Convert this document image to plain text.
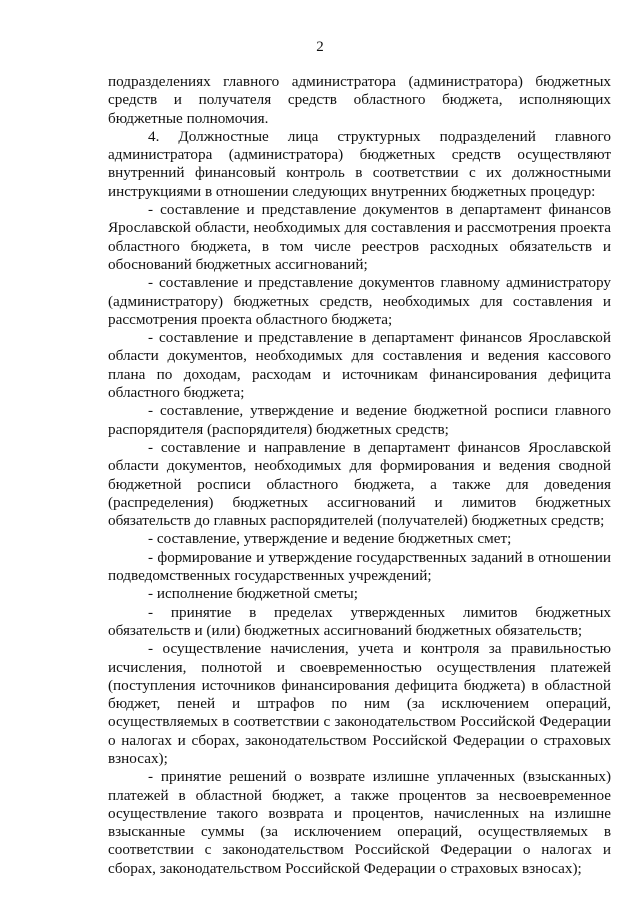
2

подразделениях главного администратора (администратора) бюджетных средств и получателя средств областного бюджета, исполняющих бюджетные полномочия.

4. Должностные лица структурных подразделений главного администратора (администратора) бюджетных средств осуществляют внутренний финансовый контроль в соответствии с их должностными инструкциями в отношении следующих внутренних бюджетных процедур:

- составление и представление документов в департамент финансов Ярославской области, необходимых для составления и рассмотрения проекта областного бюджета, в том числе реестров расходных обязательств и обоснований бюджетных ассигнований;

- составление и представление документов главному администратору (администратору) бюджетных средств, необходимых для составления и рассмотрения проекта областного бюджета;

- составление и представление в департамент финансов Ярославской области документов, необходимых для составления и ведения кассового плана по доходам, расходам и источникам финансирования дефицита областного бюджета;

- составление, утверждение и ведение бюджетной росписи главного распорядителя (распорядителя) бюджетных средств;

- составление и направление в департамент финансов Ярославской области документов, необходимых для формирования и ведения сводной бюджетной росписи областного бюджета, а также для доведения (распределения) бюджетных ассигнований и лимитов бюджетных обязательств до главных распорядителей (получателей) бюджетных средств;

- составление, утверждение и ведение бюджетных смет;

- формирование и утверждение государственных заданий в отношении подведомственных государственных учреждений;

- исполнение бюджетной сметы;

- принятие в пределах утвержденных лимитов бюджетных обязательств и (или) бюджетных ассигнований бюджетных обязательств;

- осуществление начисления, учета и контроля за правильностью исчисления, полнотой и своевременностью осуществления платежей (поступления источников финансирования дефицита бюджета) в областной бюджет, пеней и штрафов по ним (за исключением операций, осуществляемых в соответствии с законодательством Российской Федерации о налогах и сборах, законодательством Российской Федерации о страховых взносах);

- принятие решений о возврате излишне уплаченных (взысканных) платежей в областной бюджет, а также процентов за несвоевременное осуществление такого возврата и процентов, начисленных на излишне взысканные суммы (за исключением операций, осуществляемых в соответствии с законодательством Российской Федерации о налогах и сборах, законодательством Российской Федерации о страховых взносах);
